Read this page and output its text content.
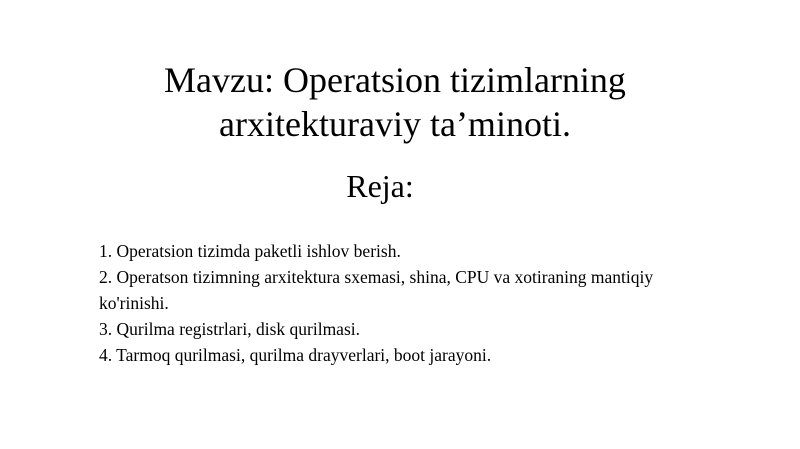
Mavzu: Operatsion tizimlarning
arxitekturaviy ta’minoti.
Reja:
1. Operatsion tizimda paketli ishlov berish.
2. Operatson tizimning arxitektura sxemasi, shina, CPU va xotiraning mantiqiy ko'rinishi.
3. Qurilma registrlari, disk qurilmasi.
4. Tarmoq qurilmasi, qurilma drayverlari, boot jarayoni.
